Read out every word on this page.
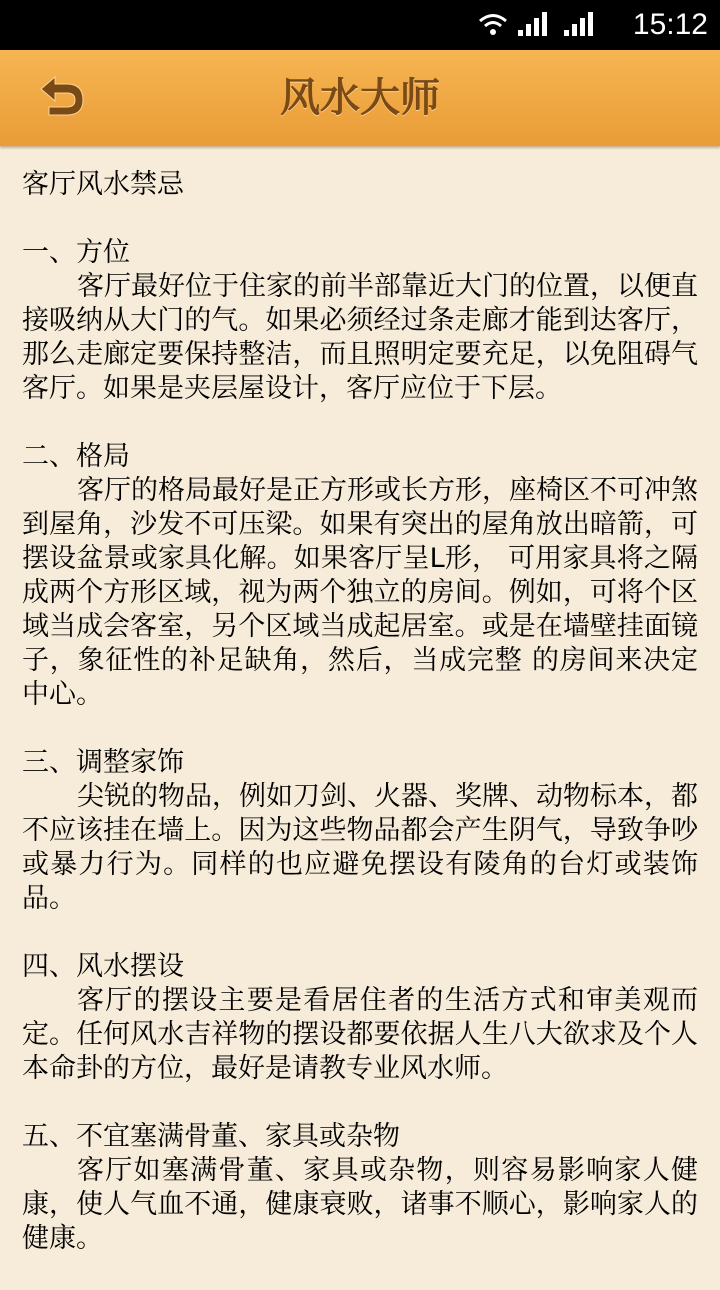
15:12
风水大师
客厅风水禁忌
一、方位
客厅最好位于住家的前半部靠近大门的位置，以便直接吸纳从大门的气。如果必须经过条走廊才能到达客厅，那么走廊定要保持整洁，而且照明定要充足，以免阻碍气客厅。如果是夹层屋设计，客厅应位于下层。
二、格局
客厅的格局最好是正方形或长方形，座椅区不可冲煞到屋角，沙发不可压梁。如果有突出的屋角放出暗箭，可摆设盆景或家具化解。如果客厅呈L形， 可用家具将之隔成两个方形区域，视为两个独立的房间。例如，可将个区域当成会客室，另个区域当成起居室。或是在墙壁挂面镜子，象征性的补足缺角，然后，当成完整 的房间来决定中心。
三、调整家饰
尖锐的物品，例如刀剑、火器、奖牌、动物标本，都不应该挂在墙上。因为这些物品都会产生阴气，导致争吵或暴力行为。同样的也应避免摆设有陵角的台灯或装饰品。
四、风水摆设
客厅的摆设主要是看居住者的生活方式和审美观而定。任何风水吉祥物的摆设都要依据人生八大欲求及个人本命卦的方位，最好是请教专业风水师。
五、不宜塞满骨董、家具或杂物
客厅如塞满骨董、家具或杂物，则容易影响家人健康，使人气血不通，健康衰败，诸事不顺心，影响家人的健康。
